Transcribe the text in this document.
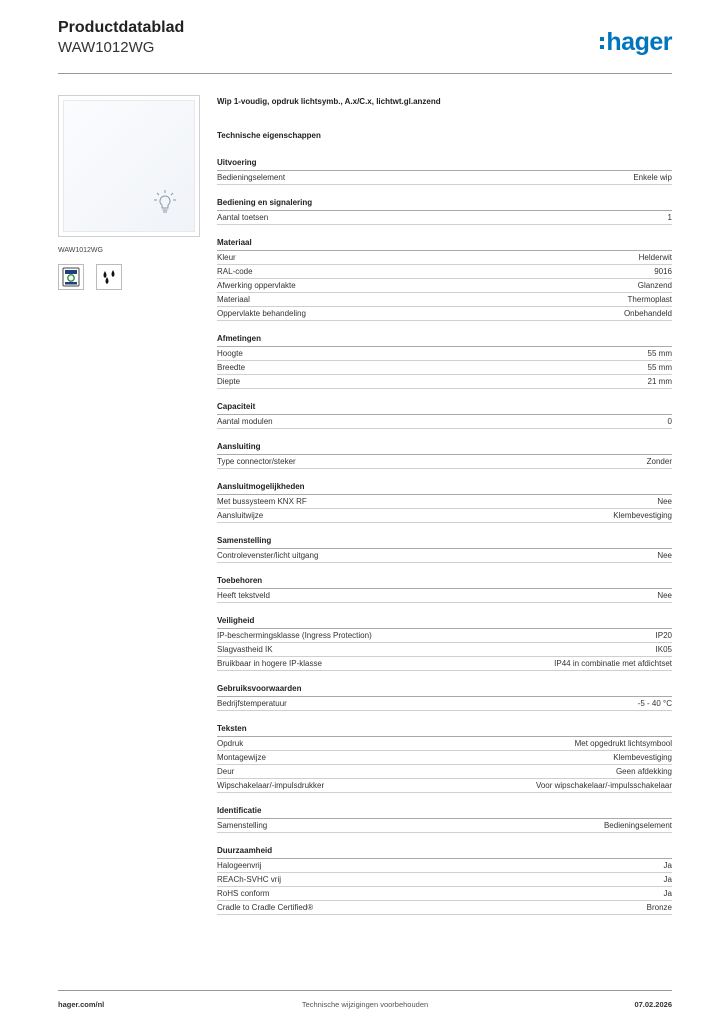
Productdatablad
WAW1012WG	hager
WAW1012WG
Wip 1-voudig, opdruk lichtsymb., A.x/C.x, lichtwt.gl.anzend
Technische eigenschappen
Uitvoering
Bedieningselement	Enkele wip
Bediening en signalering
Aantal toetsen	1
Materiaal
Kleur	Helderwit
RAL-code	9016
Afwerking oppervlakte	Glanzend
Materiaal	Thermoplast
Oppervlakte behandeling	Onbehandeld
Afmetingen
Hoogte	55 mm
Breedte	55 mm
Diepte	21 mm
Capaciteit
Aantal modulen	0
Aansluiting
Type connector/steker	Zonder
Aansluitmogelijkheden
Met bussysteem KNX RF	Nee
Aansluitwijze	Klembevestiging
Samenstelling
Controlevenster/licht uitgang	Nee
Toebehoren
Heeft tekstveld	Nee
Veiligheid
IP-beschermingsklasse (Ingress Protection)	IP20
Slagvastheid IK	IK05
Bruikbaar in hogere IP-klasse	IP44 in combinatie met afdichtset
Gebruiksvoorwaarden
Bedrijfstemperatuur	-5 - 40 °C
Teksten
Opdruk	Met opgedrukt lichtsymbool
Montagewijze	Klembevestiging
Deur	Geen afdekking
Wipschakelaar/-impulsdrukker	Voor wipschakelaar/-impulsschakelaar
Identificatie
Samenstelling	Bedieningselement
Duurzaamheid
Halogeenvrij	Ja
REACh-SVHC vrij	Ja
RoHS conform	Ja
Cradle to Cradle Certified®	Bronze
hager.com/nl	Technische wijzigingen voorbehouden	07.02.2026
